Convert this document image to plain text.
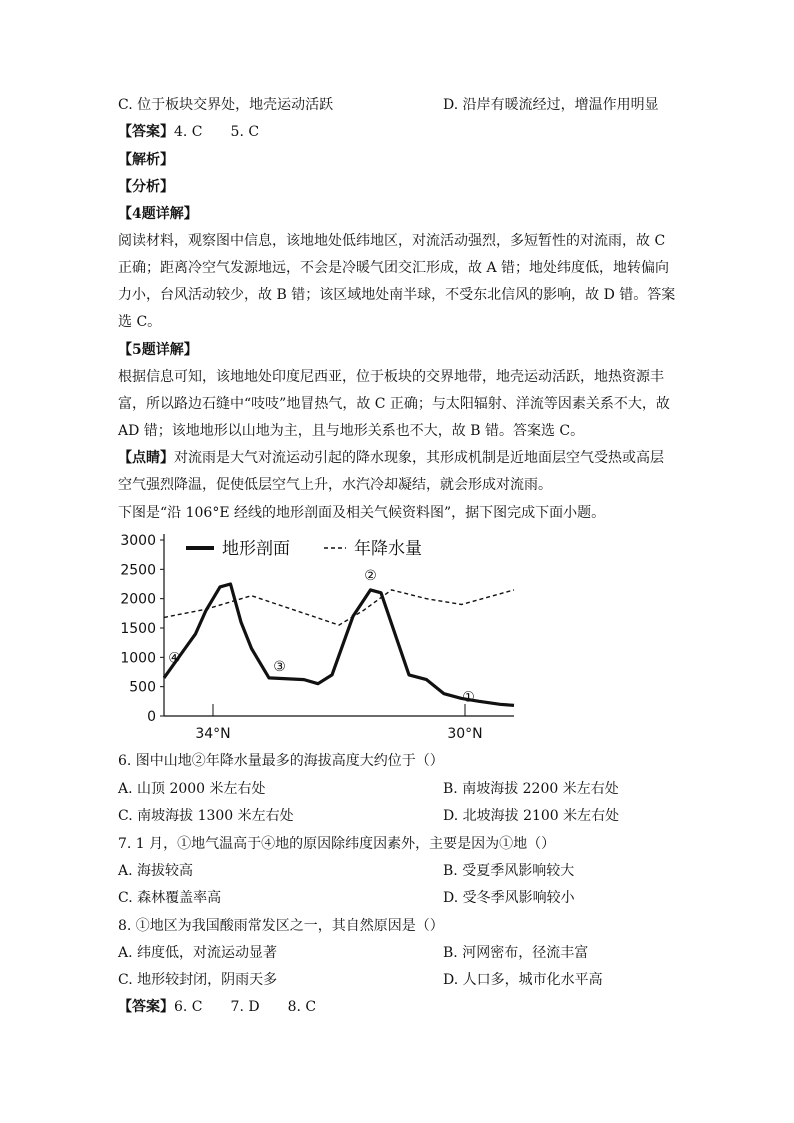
C. 位于板块交界处，地壳运动活跃	D. 沿岸有暖流经过，增温作用明显
【答案】4. C 5. C
【解析】
【分析】
【4题详解】
阅读材料，观察图中信息，该地地处低纬地区，对流活动强烈，多短暂性的对流雨，故 C
正确；距离冷空气发源地远，不会是冷暖气团交汇形成，故 A 错；地处纬度低，地转偏向
力小，台风活动较少，故 B 错；该区域地处南半球，不受东北信风的影响，故 D 错。答案
选 C。
【5题详解】
根据信息可知，该地地处印度尼西亚，位于板块的交界地带，地壳运动活跃，地热资源丰
富，所以路边石缝中“吱吱”地冒热气，故 C 正确；与太阳辐射、洋流等因素关系不大，故
AD 错；该地地形以山地为主，且与地形关系也不大，故 B 错。答案选 C。
【点睛】对流雨是大气对流运动引起的降水现象，其形成机制是近地面层空气受热或高层
空气强烈降温，促使低层空气上升，水汽冷却凝结，就会形成对流雨。
下图是“沿 106°E 经线的地形剖面及相关气候资料图”，据下图完成下面小题。
3000
2500
2000
1500
1000
500
0
34°N	30°N
①
②
③
④
地形剖面	年降水量
6. 图中山地②年降水量最多的海拔高度大约位于（）
A. 山顶 2000 米左右处	B. 南坡海拔 2200 米左右处
C. 南坡海拔 1300 米左右处	D. 北坡海拔 2100 米左右处
7. 1 月，①地气温高于④地的原因除纬度因素外，主要是因为①地（）
A. 海拔较高	B. 受夏季风影响较大
C. 森林覆盖率高	D. 受冬季风影响较小
8. ①地区为我国酸雨常发区之一，其自然原因是（）
A. 纬度低，对流运动显著	B. 河网密布，径流丰富
C. 地形较封闭，阴雨天多	D. 人口多，城市化水平高
【答案】6. C 7. D 8. C
